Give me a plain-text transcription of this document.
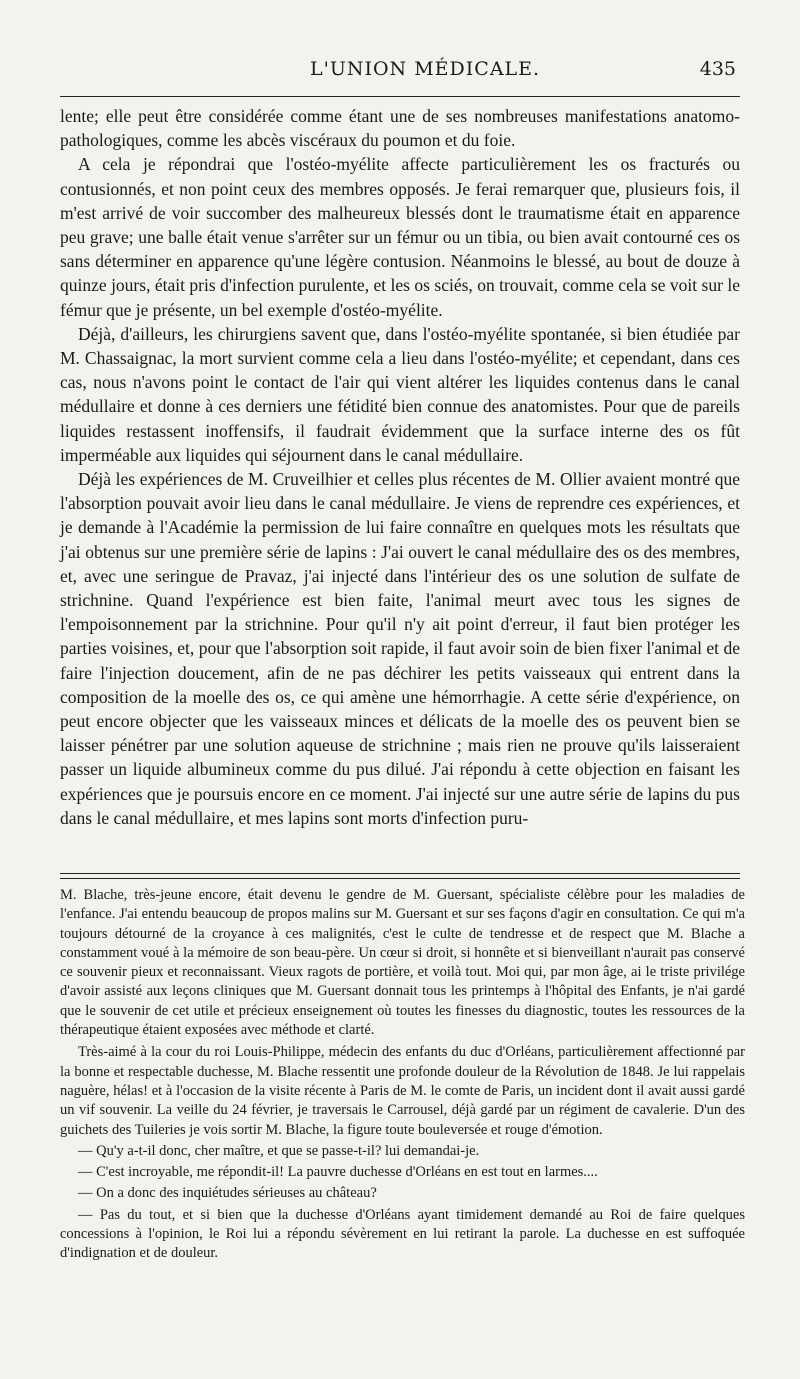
L'UNION MÉDICALE.	435

lente; elle peut être considérée comme étant une de ses nombreuses manifestations anatomo-pathologiques, comme les abcès viscéraux du poumon et du foie.

A cela je répondrai que l'ostéo-myélite affecte particulièrement les os fracturés ou contusionnés, et non point ceux des membres opposés. Je ferai remarquer que, plusieurs fois, il m'est arrivé de voir succomber des malheureux blessés dont le traumatisme était en apparence peu grave; une balle était venue s'arrêter sur un fémur ou un tibia, ou bien avait contourné ces os sans déterminer en apparence qu'une légère contusion. Néanmoins le blessé, au bout de douze à quinze jours, était pris d'infection purulente, et les os sciés, on trouvait, comme cela se voit sur le fémur que je présente, un bel exemple d'ostéo-myélite.

Déjà, d'ailleurs, les chirurgiens savent que, dans l'ostéo-myélite spontanée, si bien étudiée par M. Chassaignac, la mort survient comme cela a lieu dans l'ostéo-myélite; et cependant, dans ces cas, nous n'avons point le contact de l'air qui vient altérer les liquides contenus dans le canal médullaire et donne à ces derniers une fétidité bien connue des anatomistes. Pour que de pareils liquides restassent inoffensifs, il faudrait évidemment que la surface interne des os fût imperméable aux liquides qui séjournent dans le canal médullaire.

Déjà les expériences de M. Cruveilhier et celles plus récentes de M. Ollier avaient montré que l'absorption pouvait avoir lieu dans le canal médullaire. Je viens de reprendre ces expériences, et je demande à l'Académie la permission de lui faire connaître en quelques mots les résultats que j'ai obtenus sur une première série de lapins : J'ai ouvert le canal médullaire des os des membres, et, avec une seringue de Pravaz, j'ai injecté dans l'intérieur des os une solution de sulfate de strichnine. Quand l'expérience est bien faite, l'animal meurt avec tous les signes de l'empoisonnement par la strichnine. Pour qu'il n'y ait point d'erreur, il faut bien protéger les parties voisines, et, pour que l'absorption soit rapide, il faut avoir soin de bien fixer l'animal et de faire l'injection doucement, afin de ne pas déchirer les petits vaisseaux qui entrent dans la composition de la moelle des os, ce qui amène une hémorrhagie. A cette série d'expérience, on peut encore objecter que les vaisseaux minces et délicats de la moelle des os peuvent bien se laisser pénétrer par une solution aqueuse de strichnine ; mais rien ne prouve qu'ils laisseraient passer un liquide albumineux comme du pus dilué. J'ai répondu à cette objection en faisant les expériences que je poursuis encore en ce moment. J'ai injecté sur une autre série de lapins du pus dans le canal médullaire, et mes lapins sont morts d'infection puru-

M. Blache, très-jeune encore, était devenu le gendre de M. Guersant, spécialiste célèbre pour les maladies de l'enfance. J'ai entendu beaucoup de propos malins sur M. Guersant et sur ses façons d'agir en consultation. Ce qui m'a toujours détourné de la croyance à ces malignités, c'est le culte de tendresse et de respect que M. Blache a constamment voué à la mémoire de son beau-père. Un cœur si droit, si honnête et si bienveillant n'aurait pas conservé ce souvenir pieux et reconnaissant. Vieux ragots de portière, et voilà tout. Moi qui, par mon âge, ai le triste privilége d'avoir assisté aux leçons cliniques que M. Guersant donnait tous les printemps à l'hôpital des Enfants, je n'ai gardé que le souvenir de cet utile et précieux enseignement où toutes les finesses du diagnostic, toutes les ressources de la thérapeutique étaient exposées avec méthode et clarté.

Très-aimé à la cour du roi Louis-Philippe, médecin des enfants du duc d'Orléans, particulièrement affectionné par la bonne et respectable duchesse, M. Blache ressentit une profonde douleur de la Révolution de 1848. Je lui rappelais naguère, hélas! et à l'occasion de la visite récente à Paris de M. le comte de Paris, un incident dont il avait aussi gardé un vif souvenir. La veille du 24 février, je traversais le Carrousel, déjà gardé par un régiment de cavalerie. D'un des guichets des Tuileries je vois sortir M. Blache, la figure toute bouleversée et rouge d'émotion.

— Qu'y a-t-il donc, cher maître, et que se passe-t-il? lui demandai-je.

— C'est incroyable, me répondit-il! La pauvre duchesse d'Orléans en est tout en larmes....

— On a donc des inquiétudes sérieuses au château?

— Pas du tout, et si bien que la duchesse d'Orléans ayant timidement demandé au Roi de faire quelques concessions à l'opinion, le Roi lui a répondu sévèrement en lui retirant la parole. La duchesse en est suffoquée d'indignation et de douleur.
